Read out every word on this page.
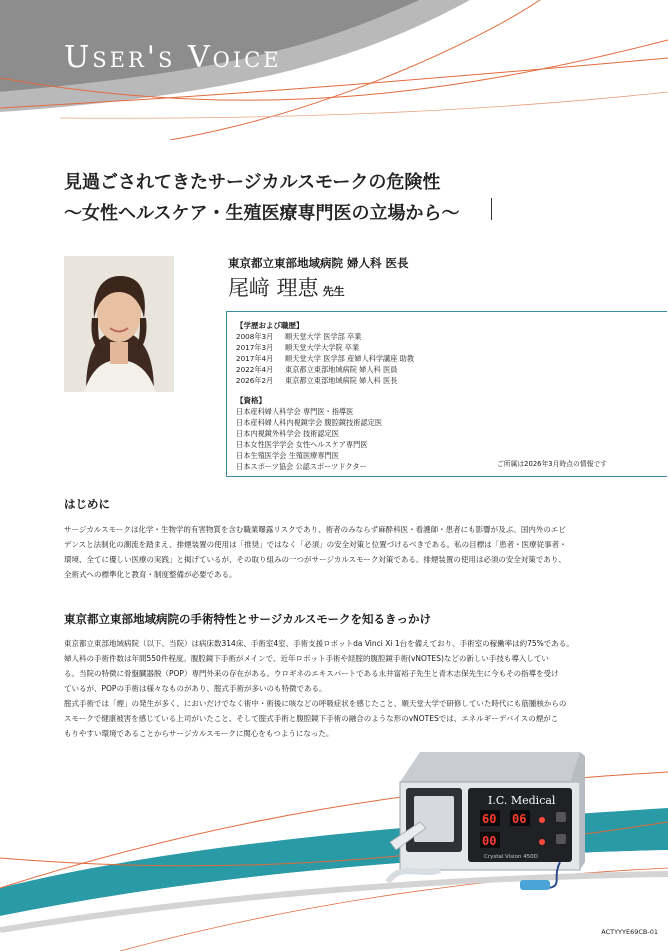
User's Voice
見過ごされてきたサージカルスモークの危険性
〜女性ヘルスケア・生殖医療専門医の立場から〜
東京都立東部地域病院 婦人科 医長
尾﨑 理恵 先生
【学歴および職歴】
2008年3月 順天堂大学 医学部 卒業
2017年3月 順天堂大学大学院 卒業
2017年4月 順天堂大学 医学部 産婦人科学講座 助教
2022年4月 東京都立東部地域病院 婦人科 医員
2026年2月 東京都立東部地域病院 婦人科 医長
【資格】
日本産科婦人科学会 専門医・指導医
日本産科婦人科内視鏡学会 腹腔鏡技術認定医
日本内視鏡外科学会 技術認定医
日本女性医学学会 女性ヘルスケア専門医
日本生殖医学会 生殖医療専門医
日本スポーツ協会 公認スポーツドクター	ご所属は2026年3月時点の情報です
はじめに
サージカルスモークは化学・生物学的有害物質を含む職業曝露リスクであり、術者のみならず麻酔科医・看護師・患者にも影響が及ぶ。国内外のエビ
デンスと法制化の潮流を踏まえ、排煙装置の使用は「推奨」ではなく「必須」の安全対策と位置づけるべきである。私の目標は「患者・医療従事者・
環境、全てに優しい医療の実践」と掲げているが、その取り組みの一つがサージカルスモーク対策である。排煙装置の使用は必須の安全対策であり、
全術式への標準化と教育・制度整備が必要である。
東京都立東部地域病院の手術特性とサージカルスモークを知るきっかけ
東京都立東部地域病院（以下、当院）は病床数314床、手術室4室、手術支援ロボットda Vinci Xi 1台を備えており、手術室の稼働率は約75%である。
婦人科の手術件数は年間550件程度。腹腔鏡下手術がメインで、近年ロボット手術や経腟的腹腔鏡手術(vNOTES)などの新しい手技も導入してい
る。当院の特徴に骨盤臓器脱（POP）専門外来の存在がある。ウロギネのエキスパートである永井富裕子先生と青木志保先生に今もその指導を受け
ているが、POPの手術は様々なものがあり、腟式手術が多いのも特徴である。
腟式手術では「煙」の発生が多く、においだけでなく術中・術後に咳などの呼吸症状を感じたこと、順天堂大学で研修していた時代にも筋腫核からの
スモークで健康被害を感じている上司がいたこと、そして腟式手術と腹腔鏡下手術の融合のような形のvNOTESでは、エネルギーデバイスの煙がこ
もりやすい環境であることからサージカルスモークに関心をもつようになった。
I.C. Medical
Crystal Vision 450D
60 06
00
ACTYYYE69CB-01
